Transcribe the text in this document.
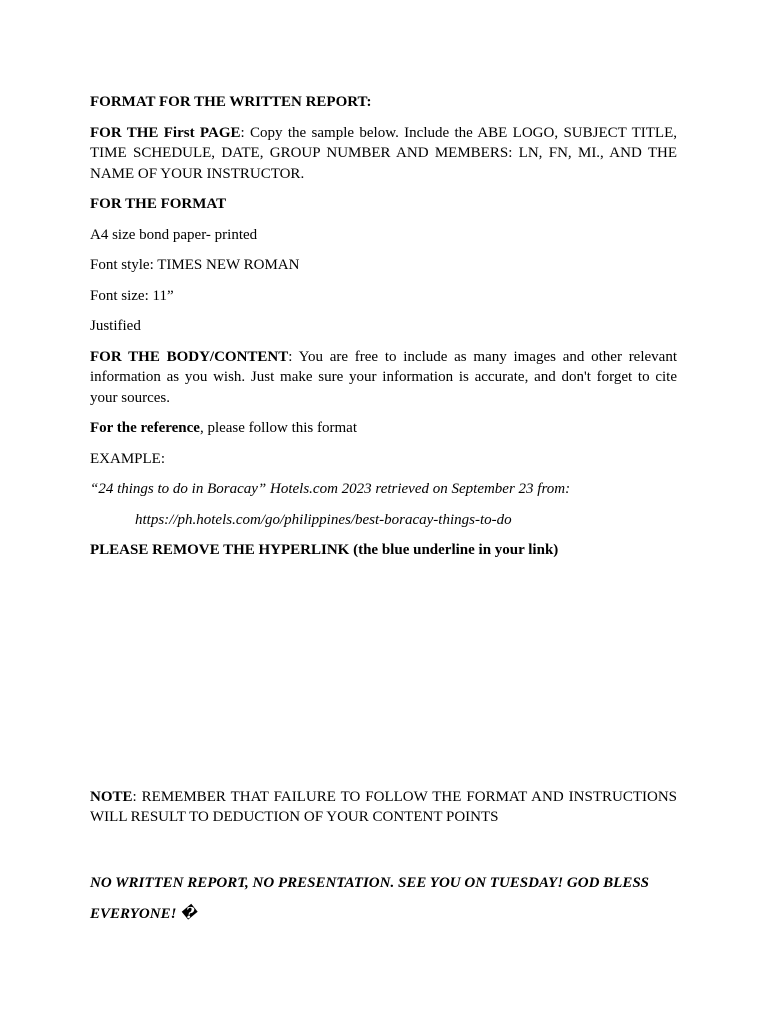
FORMAT FOR THE WRITTEN REPORT:

FOR THE First PAGE: Copy the sample below. Include the ABE LOGO, SUBJECT TITLE, TIME SCHEDULE, DATE, GROUP NUMBER AND MEMBERS: LN, FN, MI., AND THE NAME OF YOUR INSTRUCTOR.

FOR THE FORMAT

A4 size bond paper- printed

Font style: TIMES NEW ROMAN

Font size: 11”

Justified

FOR THE BODY/CONTENT: You are free to include as many images and other relevant information as you wish. Just make sure your information is accurate, and don't forget to cite your sources.

For the reference, please follow this format

EXAMPLE:

“24 things to do in Boracay” Hotels.com 2023 retrieved on September 23 from:

https://ph.hotels.com/go/philippines/best-boracay-things-to-do

PLEASE REMOVE THE HYPERLINK (the blue underline in your link)

NOTE: REMEMBER THAT FAILURE TO FOLLOW THE FORMAT AND INSTRUCTIONS WILL RESULT TO DEDUCTION OF YOUR CONTENT POINTS

NO WRITTEN REPORT, NO PRESENTATION. SEE YOU ON TUESDAY! GOD BLESS EVERYONE! �
